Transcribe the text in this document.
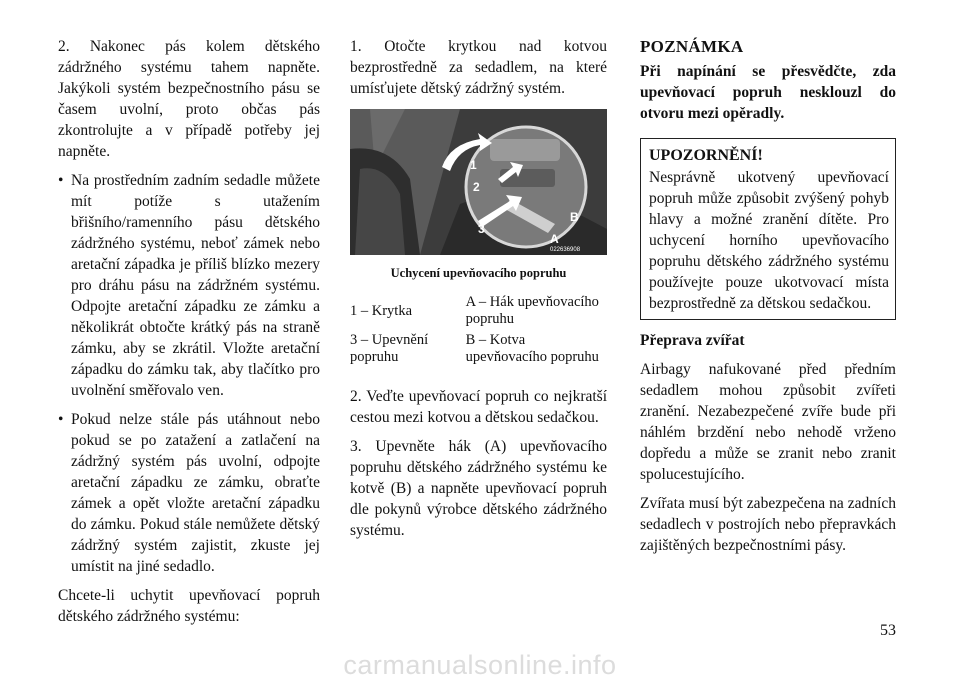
2. Nakonec pás kolem dětského zádržného systému tahem napněte. Jakýkoli systém bezpečnostního pásu se časem uvolní, proto občas pás zkontrolujte a v případě potřeby jej napněte.

• Na prostředním zadním sedadle můžete mít potíže s utažením břišního/ramenního pásu dětského zádržného systému, neboť zámek nebo aretační západka je příliš blízko mezery pro dráhu pásu na zádržném systému. Odpojte aretační západku ze zámku a několikrát obtočte krátký pás na straně zámku, aby se zkrátil. Vložte aretační západku do zámku tak, aby tlačítko pro uvolnění směřovalo ven.
• Pokud nelze stále pás utáhnout nebo pokud se po zatažení a zatlačení na zádržný systém pás uvolní, odpojte aretační západku ze zámku, obraťte zámek a opět vložte aretační západku do zámku. Pokud stále nemůžete dětský zádržný systém zajistit, zkuste jej umístit na jiné sedadlo.

Chcete-li uchytit upevňovací popruh dětského zádržného systému:

1. Otočte krytkou nad kotvou bezprostředně za sedadlem, na které umísťujete dětský zádržný systém.

1
2
3
B
A
022636908
Uchycení upevňovacího popruhu
1 – Krytka	A – Hák upevňovacího popruhu
3 – Upevnění popruhu	B – Kotva upevňovacího popruhu

2. Veďte upevňovací popruh co nejkratší cestou mezi kotvou a dětskou sedačkou.

3. Upevněte hák (A) upevňovacího popruhu dětského zádržného systému ke kotvě (B) a napněte upevňovací popruh dle pokynů výrobce dětského zádržného systému.

POZNÁMKA

Při napínání se přesvědčte, zda upevňovací popruh nesklouzl do otvoru mezi opěradly.

UPOZORNĚNÍ!

Nesprávně ukotvený upevňovací popruh může způsobit zvýšený pohyb hlavy a možné zranění dítěte. Pro uchycení horního upevňovacího popruhu dětského zádržného systému používejte pouze ukotvovací místa bezprostředně za dětskou sedačkou.

Přeprava zvířat

Airbagy nafukované před předním sedadlem mohou způsobit zvířeti zranění. Nezabezpečené zvíře bude při náhlém brzdění nebo nehodě vrženo dopředu a může se zranit nebo zranit spolucestujícího.

Zvířata musí být zabezpečena na zadních sedadlech v postrojích nebo přepravkách zajištěných bezpečnostními pásy.

53
carmanualsonline.info
